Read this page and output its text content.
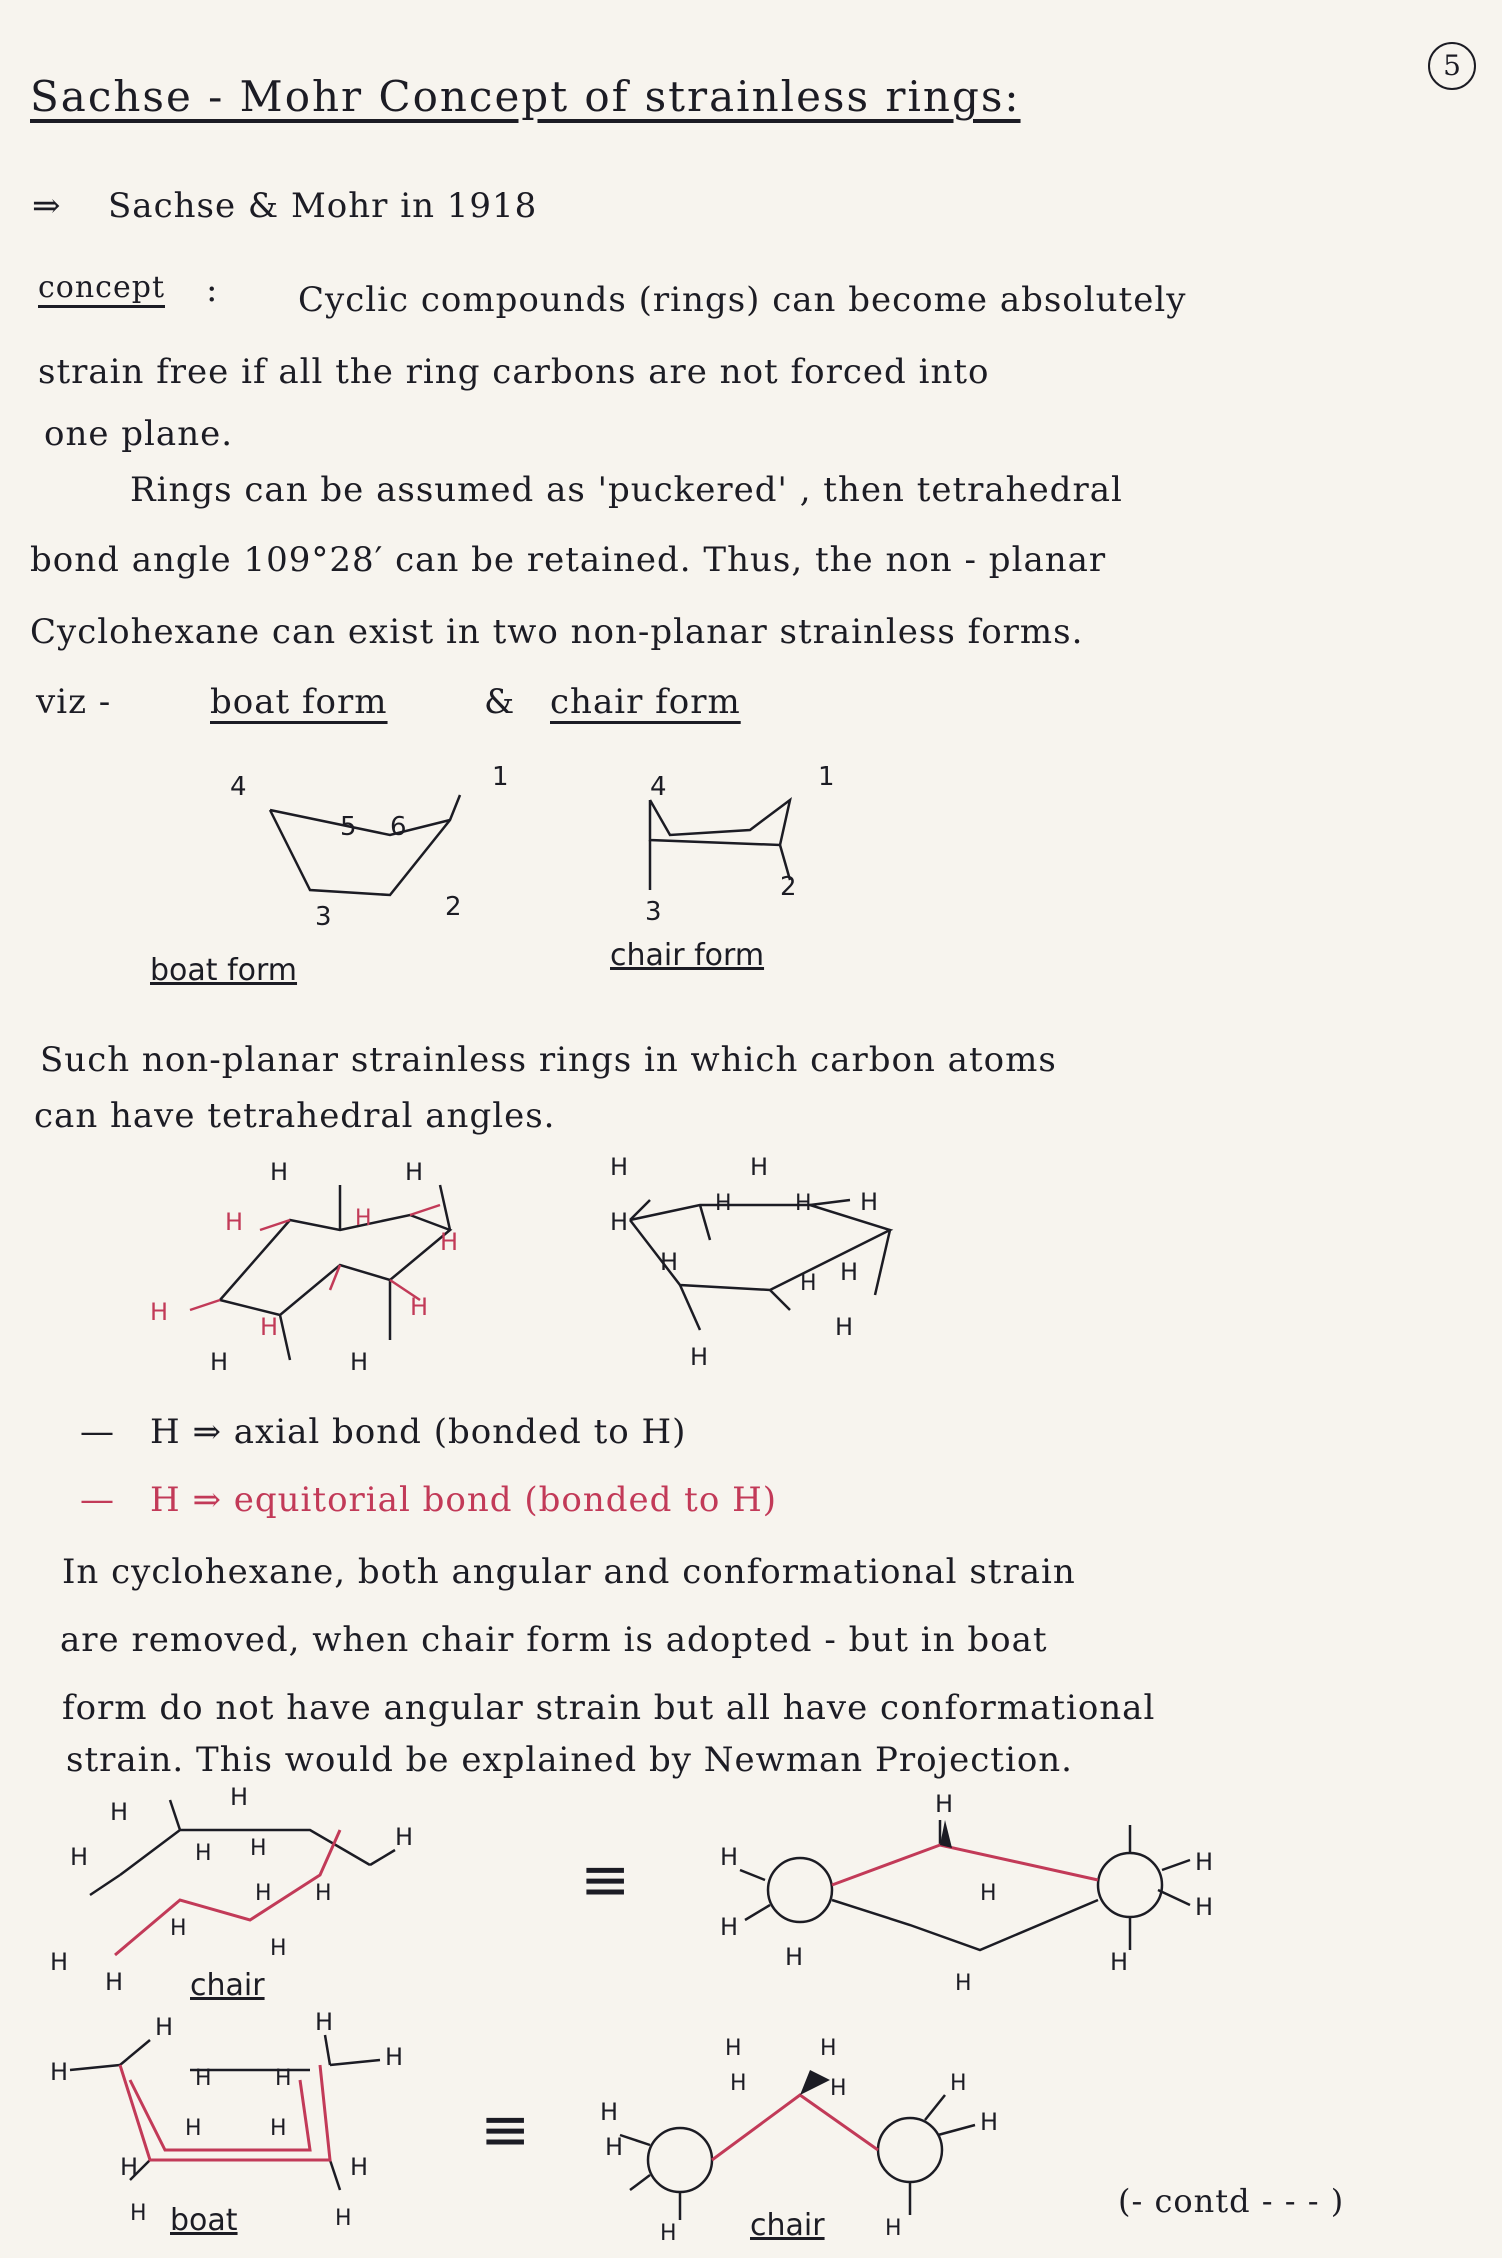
5
Sachse - Mohr Concept of strainless rings:
⇒ Sachse & Mohr in 1918
concept : Cyclic compounds (rings) can become absolutely
strain free if all the ring carbons are not forced into
one plane.
Rings can be assumed as 'puckered' , then tetrahedral
bond angle 109°28′ can be retained. Thus, the non - planar
Cyclohexane can exist in two non-planar strainless forms.
viz -	boat form	& chair form
4
5 6
1
3	2
4	1
2
3
boat form	chair form
Such non-planar strainless rings in which carbon atoms
can have tetrahedral angles.
H	H
H
H
H
H
H
H
H	H
H	H
H
H	H H
H
H H
H
H
— H ⇒ axial bond (bonded to H)
— H ⇒ equitorial bond (bonded to H)
In cyclohexane, both angular and conformational strain
are removed, when chair form is adopted - but in boat
form do not have angular strain but all have conformational
strain. This would be explained by Newman Projection.
H
H
H	H	H
H
H H
H
H
H
H
≡
H
H
H
H
H
H
H
H
H
chair
H
H	H
H
H	H
H	H
H	H
H	H
boat
≡	H
H
H
H
H
H	H
H
H	H
chair
(- contd - - - )
